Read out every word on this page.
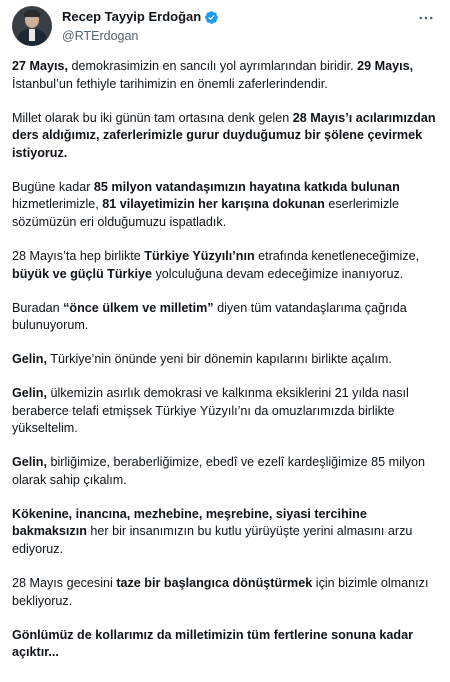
Recep Tayyip Erdoğan
@RTErdogan

27 Mayıs, demokrasimizin en sancılı yol ayrımlarından biridir. 29 Mayıs, İstanbul’un fethiyle tarihimizin en önemli zaferlerindendir.

Millet olarak bu iki günün tam ortasına denk gelen 28 Mayıs’ı acılarımızdan ders aldığımız, zaferlerimizle gurur duyduğumuz bir şölene çevirmek istiyoruz.

Bugüne kadar 85 milyon vatandaşımızın hayatına katkıda bulunan hizmetlerimizle, 81 vilayetimizin her karışına dokunan eserlerimizle sözümüzün eri olduğumuzu ispatladık.

28 Mayıs’ta hep birlikte Türkiye Yüzyılı’nın etrafında kenetleneceğimize, büyük ve güçlü Türkiye yolculuğuna devam edeceğimize inanıyoruz.

Buradan “önce ülkem ve milletim” diyen tüm vatandaşlarıma çağrıda bulunuyorum.

Gelin, Türkiye’nin önünde yeni bir dönemin kapılarını birlikte açalım.

Gelin, ülkemizin asırlık demokrasi ve kalkınma eksiklerini 21 yılda nasıl beraberce telafi etmişsek Türkiye Yüzyılı’nı da omuzlarımızda birlikte yükseltelim.

Gelin, birliğimize, beraberliğimize, ebedî ve ezelî kardeşliğimize 85 milyon olarak sahip çıkalım.

Kökenine, inancına, mezhebine, meşrebine, siyasi tercihine bakmaksızın her bir insanımızın bu kutlu yürüyüşte yerini almasını arzu ediyoruz.

28 Mayıs gecesini taze bir başlangıca dönüştürmek için bizimle olmanızı bekliyoruz.

Gönlümüz de kollarımız da milletimizin tüm fertlerine sonuna kadar açıktır...
